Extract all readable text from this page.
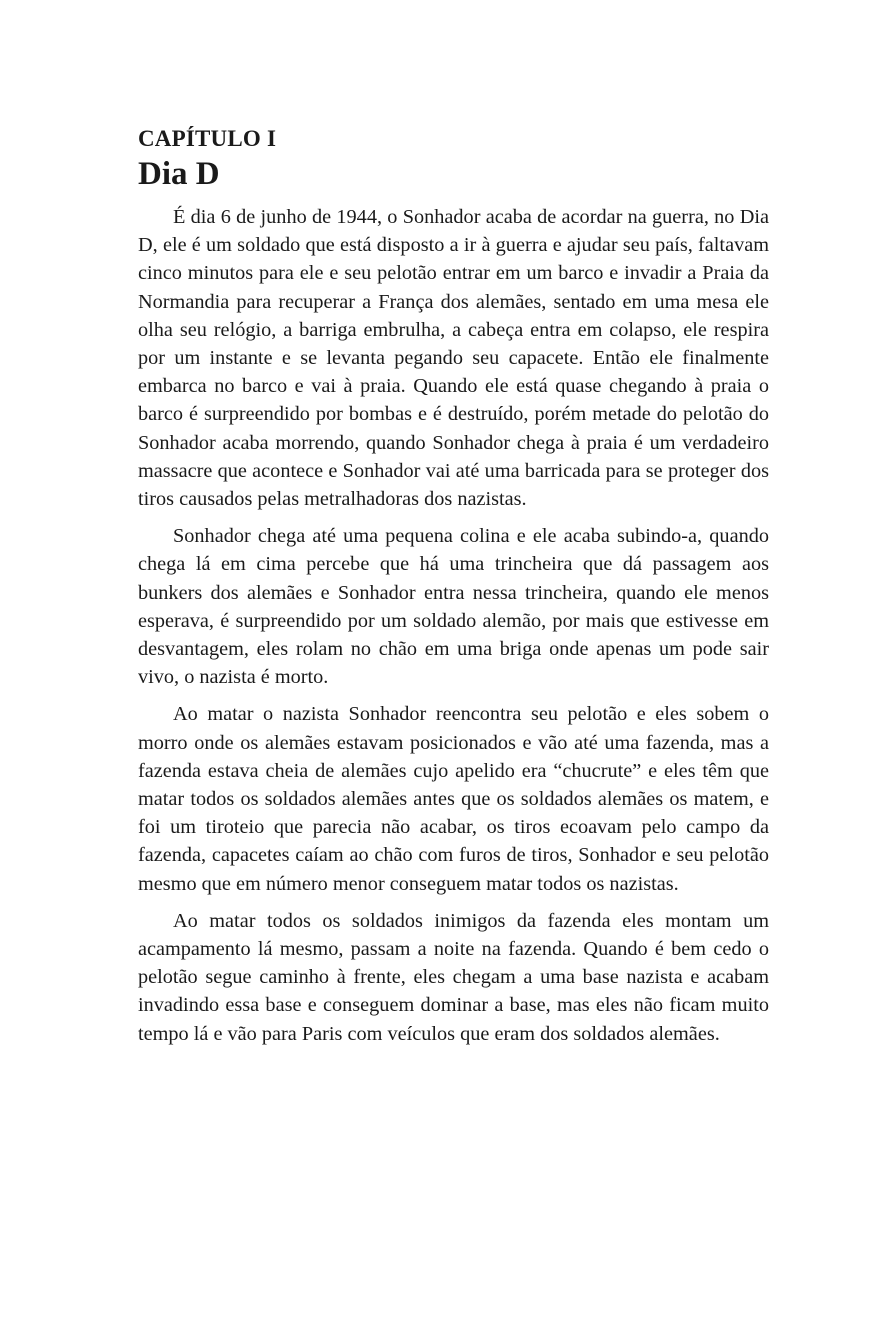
CAPÍTULO I
Dia D

É dia 6 de junho de 1944, o Sonhador acaba de acordar na guerra, no Dia D, ele é um soldado que está disposto a ir à guerra e ajudar seu país, faltavam cinco minutos para ele e seu pelotão entrar em um barco e invadir a Praia da Normandia para recuperar a França dos alemães, sentado em uma mesa ele olha seu relógio, a barriga embrulha, a cabeça entra em colapso, ele respira por um instante e se levanta pegando seu capacete. Então ele finalmente embarca no barco e vai à praia. Quando ele está quase chegando à praia o barco é surpreendido por bombas e é destruído, porém metade do pelotão do Sonhador acaba morrendo, quando Sonhador chega à praia é um verdadeiro massacre que acontece e Sonhador vai até uma barricada para se proteger dos tiros causados pelas metralhadoras dos nazistas.

Sonhador chega até uma pequena colina e ele acaba subindo-a, quando chega lá em cima percebe que há uma trincheira que dá passagem aos bunkers dos alemães e Sonhador entra nessa trincheira, quando ele menos esperava, é surpreendido por um soldado alemão, por mais que estivesse em desvantagem, eles rolam no chão em uma briga onde apenas um pode sair vivo, o nazista é morto.

Ao matar o nazista Sonhador reencontra seu pelotão e eles sobem o morro onde os alemães estavam posicionados e vão até uma fazenda, mas a fazenda estava cheia de alemães cujo apelido era “chucrute” e eles têm que matar todos os soldados alemães antes que os soldados alemães os matem, e foi um tiroteio que parecia não acabar, os tiros ecoavam pelo campo da fazenda, capacetes caíam ao chão com furos de tiros, Sonhador e seu pelotão mesmo que em número menor conseguem matar todos os nazistas.

Ao matar todos os soldados inimigos da fazenda eles montam um acampamento lá mesmo, passam a noite na fazenda. Quando é bem cedo o pelotão segue caminho à frente, eles chegam a uma base nazista e acabam invadindo essa base e conseguem dominar a base, mas eles não ficam muito tempo lá e vão para Paris com veículos que eram dos soldados alemães.
